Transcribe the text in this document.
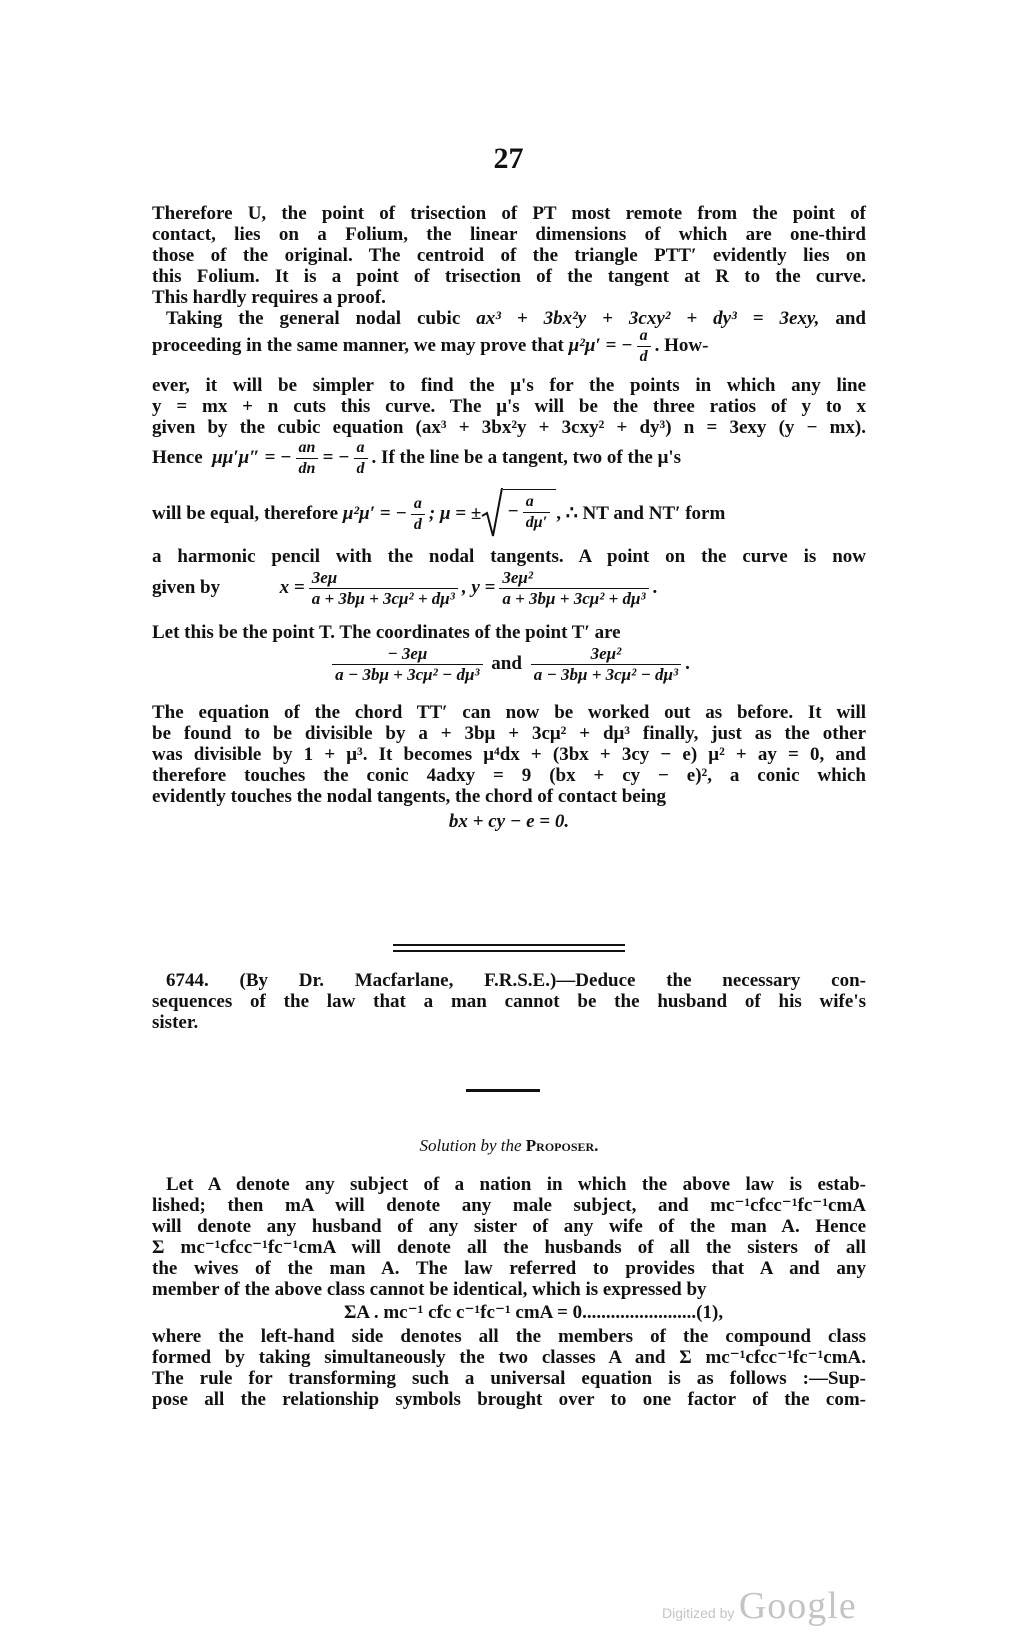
27
Therefore U, the point of trisection of PT most remote from the point of
contact, lies on a Folium, the linear dimensions of which are one-third
those of the original. The centroid of the triangle PTT′ evidently lies on
this Folium. It is a point of trisection of the tangent at R to the curve.
This hardly requires a proof.
Taking the general nodal cubic ax³ + 3bx²y + 3cxy² + dy³ = 3exy, and
proceeding in the same manner, we may prove that μ²μ′ = − $\frac{a}{d}$ . How-
ever, it will be simpler to find the μ's for the points in which any line
y = mx + n cuts this curve. The μ's will be the three ratios of y to x
given by the cubic equation (ax³ + 3bx²y + 3cxy² + dy³) n = 3exy (y − mx).
Hence μμ′μ″ = − $\frac{an}{dn}$ = − $\frac{a}{d}$ . If the line be a tangent, two of the μ's
will be equal, therefore μ²μ′ = − $\frac{a}{d}$ ; μ = ± − $\frac{a}{d\mu'}$ , ∴ NT and NT′ form
a harmonic pencil with the nodal tangents. A point on the curve is now
given by	$x = \frac{3e\mu}{\text{a + 3bμ + 3cμ² + dμ³}}$ , $y = \frac{\text{3eμ²}}{\text{a + 3bμ + 3cμ² + dμ³}}$ .
Let this be the point T. The coordinates of the point T′ are
$\frac{- 3e\mu}{\text{a − 3bμ + 3cμ² − dμ³}}$ and $\frac{\text{3eμ²}}{\text{a − 3bμ + 3cμ² − dμ³}}$ .
The equation of the chord TT′ can now be worked out as before. It will
be found to be divisible by a + 3bμ + 3cμ² + dμ³ finally, just as the other
was divisible by 1 + μ³. It becomes μ⁴dx + (3bx + 3cy − e) μ² + ay = 0, and
therefore touches the conic 4adxy = 9 (bx + cy − e)², a conic which
evidently touches the nodal tangents, the chord of contact being
bx + cy − e = 0.
6744. (By Dr. Macfarlane, F.R.S.E.)—Deduce the necessary con-
sequences of the law that a man cannot be the husband of his wife's
sister.
Solution by the Proposer.
Let A denote any subject of a nation in which the above law is estab-
lished; then mA will denote any male subject, and mc⁻¹cfcc⁻¹fc⁻¹cmA
will denote any husband of any sister of any wife of the man A. Hence
Σ mc⁻¹cfcc⁻¹fc⁻¹cmA will denote all the husbands of all the sisters of all
the wives of the man A. The law referred to provides that A and any
member of the above class cannot be identical, which is expressed by
ΣA . mc⁻¹ cfc c⁻¹fc⁻¹ cmA = 0........................(1),
where the left-hand side denotes all the members of the compound class
formed by taking simultaneously the two classes A and Σ mc⁻¹cfcc⁻¹fc⁻¹cmA.
The rule for transforming such a universal equation is as follows :—Sup-
pose all the relationship symbols brought over to one factor of the com-
Digitized by Google
